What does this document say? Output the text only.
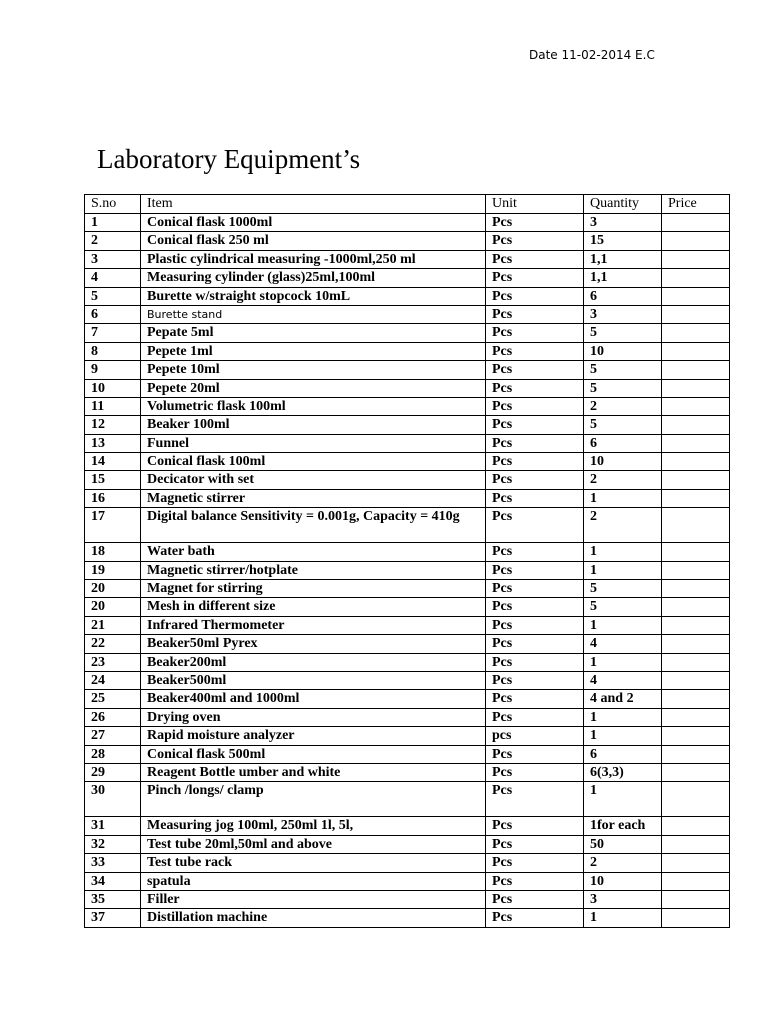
Date 11-02-2014 E.C
Laboratory Equipment’s
S.no	Item	Unit	Quantity	Price
1	Conical flask 1000ml	Pcs	3	
2	Conical flask 250 ml	Pcs	15	
3	Plastic cylindrical measuring -1000ml,250 ml	Pcs	1,1	
4	Measuring cylinder (glass)25ml,100ml	Pcs	1,1	
5	Burette w/straight stopcock 10mL	Pcs	6	
6	Burette stand	Pcs	3	
7	Pepate 5ml	Pcs	5	
8	Pepete 1ml	Pcs	10	
9	Pepete 10ml	Pcs	5	
10	Pepete 20ml	Pcs	5	
11	Volumetric flask 100ml	Pcs	2	
12	Beaker 100ml	Pcs	5	
13	Funnel	Pcs	6	
14	Conical flask 100ml	Pcs	10	
15	Decicator with set	Pcs	2	
16	Magnetic stirrer	Pcs	1	
17	Digital balance Sensitivity = 0.001g, Capacity = 410g	Pcs	2	
18	Water bath	Pcs	1	
19	Magnetic stirrer/hotplate	Pcs	1	
20	Magnet for stirring	Pcs	5	
20	Mesh in different size	Pcs	5	
21	Infrared Thermometer	Pcs	1	
22	Beaker50ml Pyrex	Pcs	4	
23	Beaker200ml	Pcs	1	
24	Beaker500ml	Pcs	4	
25	Beaker400ml and 1000ml	Pcs	4 and 2	
26	Drying oven	Pcs	1	
27	Rapid moisture analyzer	pcs	1	
28	Conical flask 500ml	Pcs	6	
29	Reagent Bottle umber and white	Pcs	6(3,3)	
30	Pinch /longs/ clamp	Pcs	1	
31	Measuring jog 100ml, 250ml 1l, 5l,	Pcs	1for each	
32	Test tube 20ml,50ml and above	Pcs	50	
33	Test tube rack	Pcs	2	
34	spatula	Pcs	10	
35	Filler	Pcs	3	
37	Distillation machine	Pcs	1	
